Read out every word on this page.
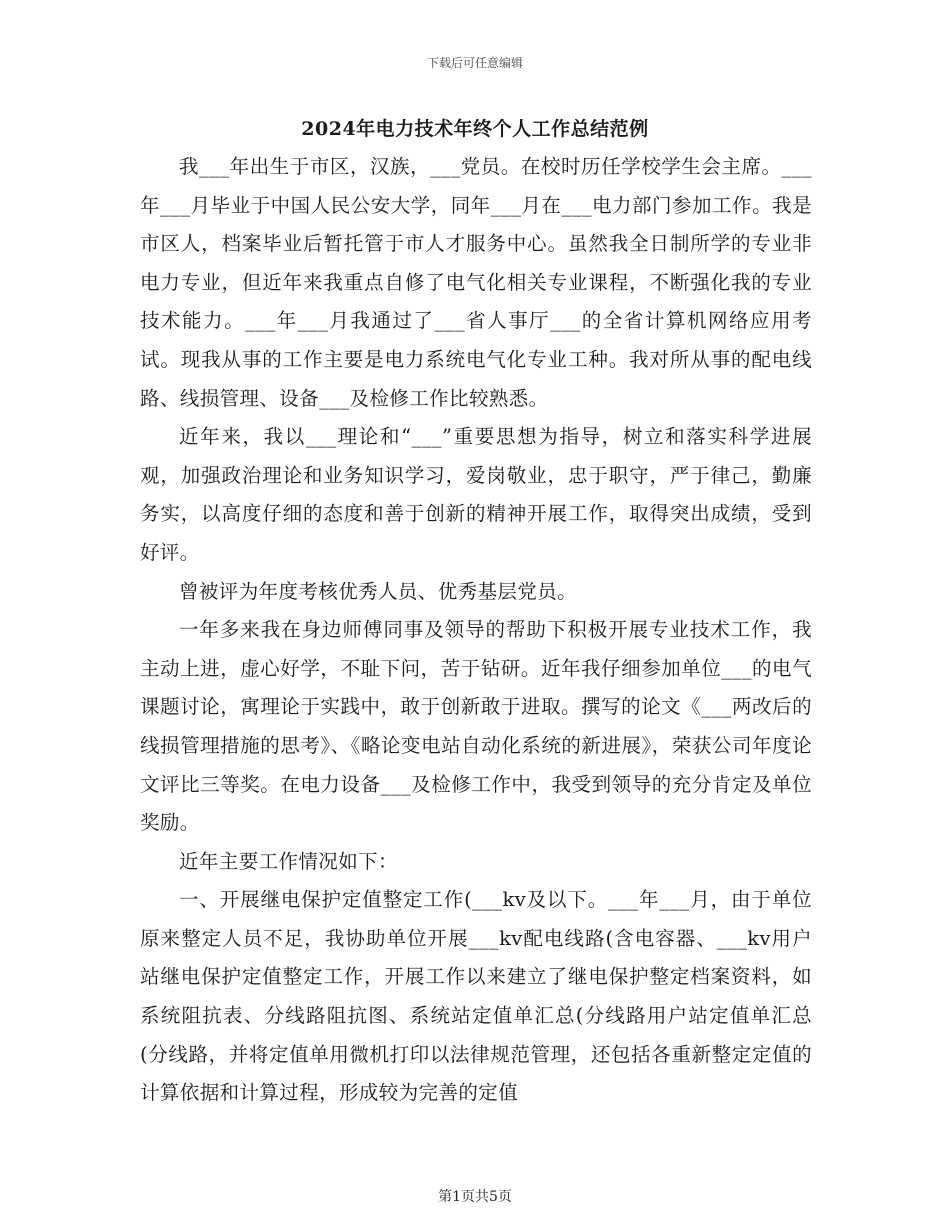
下载后可任意编辑
2024年电力技术年终个人工作总结范例

我___年出生于市区，汉族，___党员。在校时历任学校学生会主席。___年___月毕业于中国人民公安大学，同年___月在___电力部门参加工作。我是市区人，档案毕业后暂托管于市人才服务中心。虽然我全日制所学的专业非电力专业，但近年来我重点自修了电气化相关专业课程，不断强化我的专业技术能力。___年___月我通过了___省人事厅___的全省计算机网络应用考试。现我从事的工作主要是电力系统电气化专业工种。我对所从事的配电线路、线损管理、设备___及检修工作比较熟悉。

近年来，我以___理论和“___”重要思想为指导，树立和落实科学进展观，加强政治理论和业务知识学习，爱岗敬业，忠于职守，严于律己，勤廉务实，以高度仔细的态度和善于创新的精神开展工作，取得突出成绩，受到好评。

曾被评为年度考核优秀人员、优秀基层党员。

一年多来我在身边师傅同事及领导的帮助下积极开展专业技术工作，我主动上进，虚心好学，不耻下问，苦于钻研。近年我仔细参加单位___的电气课题讨论，寓理论于实践中，敢于创新敢于进取。撰写的论文《___两改后的线损管理措施的思考》、《略论变电站自动化系统的新进展》，荣获公司年度论文评比三等奖。在电力设备___及检修工作中，我受到领导的充分肯定及单位奖励。

近年主要工作情况如下：

一、开展继电保护定值整定工作(___kv及以下。___年___月，由于单位原来整定人员不足，我协助单位开展___kv配电线路(含电容器、___kv用户站继电保护定值整定工作，开展工作以来建立了继电保护整定档案资料，如系统阻抗表、分线路阻抗图、系统站定值单汇总(分线路用户站定值单汇总(分线路，并将定值单用微机打印以法律规范管理，还包括各重新整定定值的计算依据和计算过程，形成较为完善的定值

第1页共5页
